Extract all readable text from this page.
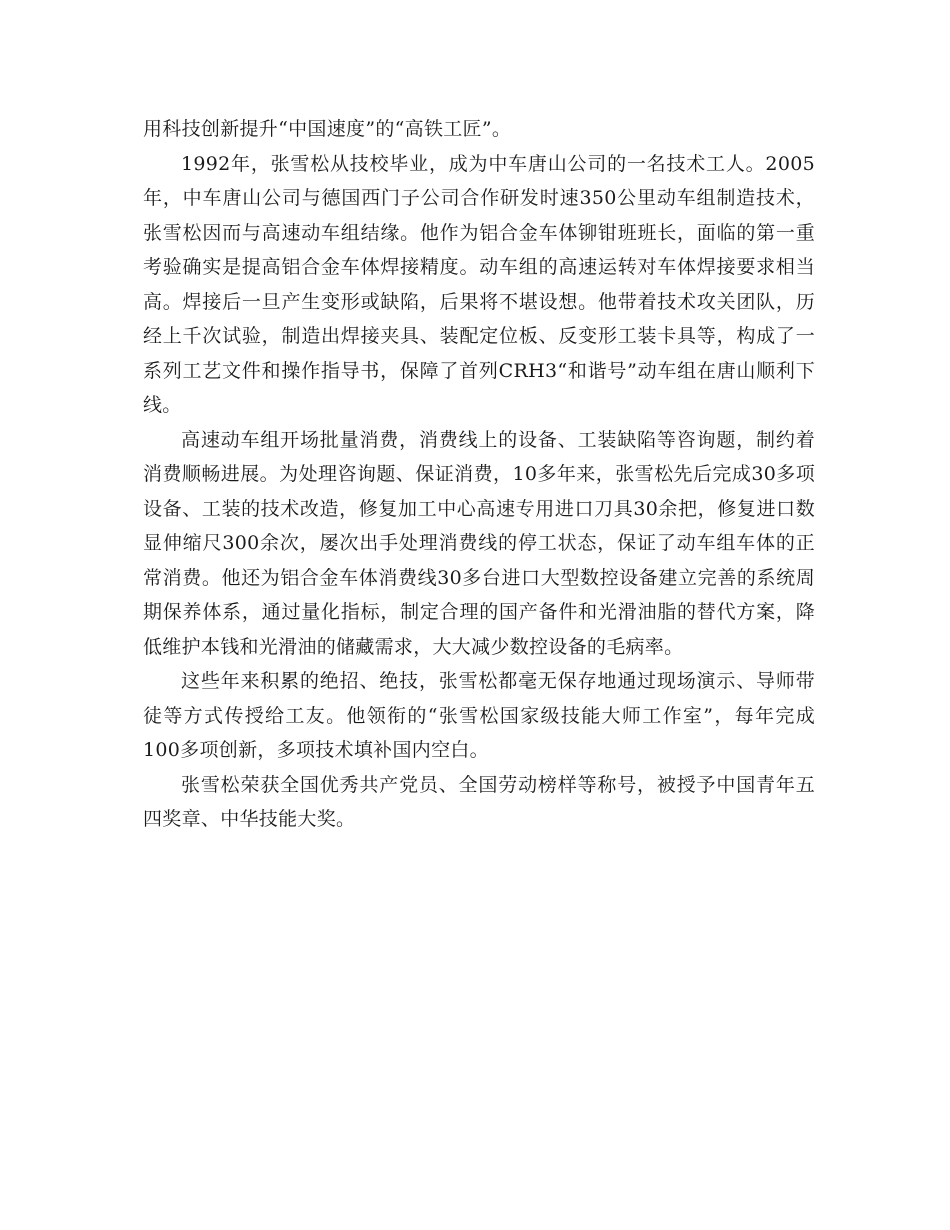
用科技创新提升“中国速度”的“高铁工匠”。

1992年，张雪松从技校毕业，成为中车唐山公司的一名技术工人。2005年，中车唐山公司与德国西门子公司合作研发时速350公里动车组制造技术，张雪松因而与高速动车组结缘。他作为铝合金车体铆钳班班长，面临的第一重考验确实是提高铝合金车体焊接精度。动车组的高速运转对车体焊接要求相当高。焊接后一旦产生变形或缺陷，后果将不堪设想。他带着技术攻关团队，历经上千次试验，制造出焊接夹具、装配定位板、反变形工装卡具等，构成了一系列工艺文件和操作指导书，保障了首列CRH3“和谐号”动车组在唐山顺利下线。

高速动车组开场批量消费，消费线上的设备、工装缺陷等咨询题，制约着消费顺畅进展。为处理咨询题、保证消费，10多年来，张雪松先后完成30多项设备、工装的技术改造，修复加工中心高速专用进口刀具30余把，修复进口数显伸缩尺300余次，屡次出手处理消费线的停工状态，保证了动车组车体的正常消费。他还为铝合金车体消费线30多台进口大型数控设备建立完善的系统周期保养体系，通过量化指标，制定合理的国产备件和光滑油脂的替代方案，降低维护本钱和光滑油的储藏需求，大大减少数控设备的毛病率。

这些年来积累的绝招、绝技，张雪松都毫无保存地通过现场演示、导师带徒等方式传授给工友。他领衔的“张雪松国家级技能大师工作室”，每年完成100多项创新，多项技术填补国内空白。

张雪松荣获全国优秀共产党员、全国劳动榜样等称号，被授予中国青年五四奖章、中华技能大奖。
